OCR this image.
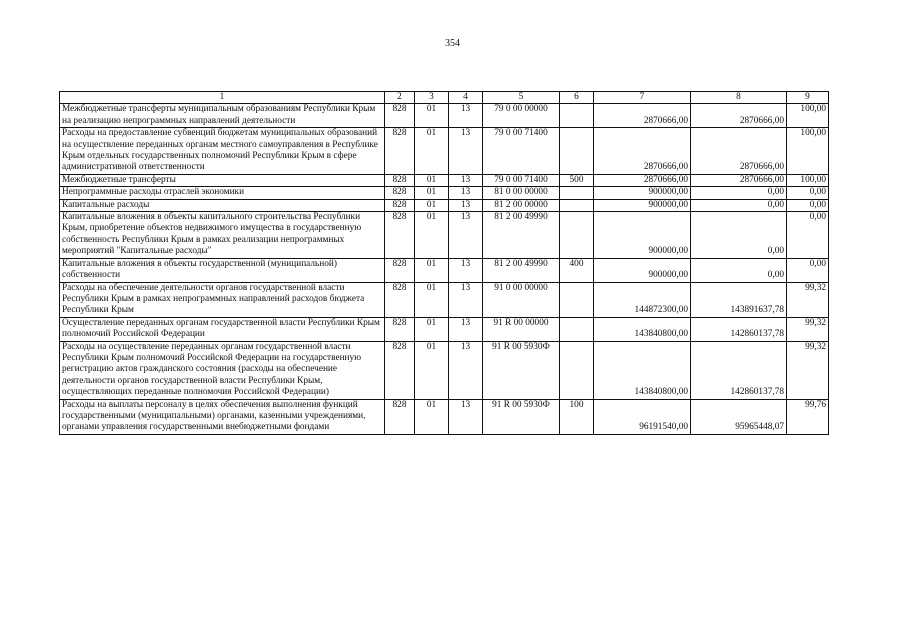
354
1	2	3	4	5	6	7	8	9
Межбюджетные трансферты муниципальным образованиям Республики Крым на реализацию непрограммных направлений деятельности	828	01	13	79 0 00 00000		2870666,00	2870666,00	100,00
Расходы на предоставление субвенций бюджетам муниципальных образований на осуществление переданных органам местного самоуправления в Республике Крым отдельных государственных полномочий Республики Крым в сфере административной ответственности	828	01	13	79 0 00 71400		2870666,00	2870666,00	100,00
Межбюджетные трансферты	828	01	13	79 0 00 71400	500	2870666,00	2870666,00	100,00
Непрограммные расходы отраслей экономики	828	01	13	81 0 00 00000		900000,00	0,00	0,00
Капитальные расходы	828	01	13	81 2 00 00000		900000,00	0,00	0,00
Капитальные вложения в объекты капитального строительства Республики Крым, приобретение объектов недвижимого имущества в государственную собственность Республики Крым в рамках реализации непрограммных мероприятий "Капитальные расходы"	828	01	13	81 2 00 49990		900000,00	0,00	0,00
Капитальные вложения в объекты государственной (муниципальной) собственности	828	01	13	81 2 00 49990	400	900000,00	0,00	0,00
Расходы на обеспечение деятельности органов государственной власти Республики Крым в рамках непрограммных направлений расходов бюджета Республики Крым	828	01	13	91 0 00 00000		144872300,00	143891637,78	99,32
Осуществление переданных органам государственной власти Республики Крым полномочий Российской Федерации	828	01	13	91 R 00 00000		143840800,00	142860137,78	99,32
Расходы на осуществление переданных органам государственной власти Республики Крым полномочий Российской Федерации на государственную регистрацию актов гражданского состояния (расходы на обеспечение деятельности органов государственной власти Республики Крым, осуществляющих переданные полномочия Российской Федерации)	828	01	13	91 R 00 5930Ф		143840800,00	142860137,78	99,32
Расходы на выплаты персоналу в целях обеспечения выполнения функций государственными (муниципальными) органами, казенными учреждениями, органами управления государственными внебюджетными фондами	828	01	13	91 R 00 5930Ф	100	96191540,00	95965448,07	99,76
